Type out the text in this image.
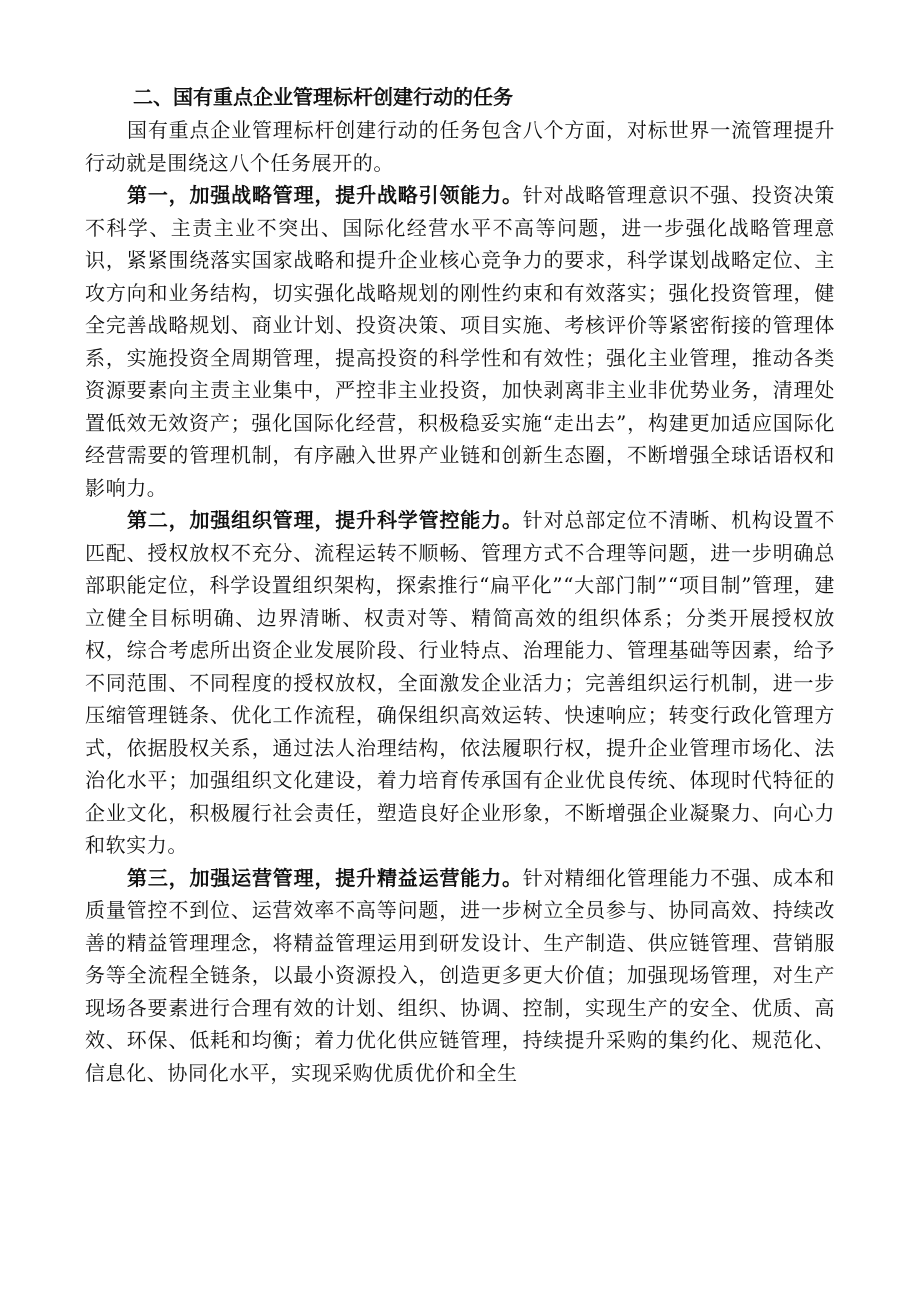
二、国有重点企业管理标杆创建行动的任务

国有重点企业管理标杆创建行动的任务包含八个方面，对标世界一流管理提升行动就是围绕这八个任务展开的。

第一，加强战略管理，提升战略引领能力。针对战略管理意识不强、投资决策不科学、主责主业不突出、国际化经营水平不高等问题，进一步强化战略管理意识，紧紧围绕落实国家战略和提升企业核心竞争力的要求，科学谋划战略定位、主攻方向和业务结构，切实强化战略规划的刚性约束和有效落实；强化投资管理，健全完善战略规划、商业计划、投资决策、项目实施、考核评价等紧密衔接的管理体系，实施投资全周期管理，提高投资的科学性和有效性；强化主业管理，推动各类资源要素向主责主业集中，严控非主业投资，加快剥离非主业非优势业务，清理处置低效无效资产；强化国际化经营，积极稳妥实施“走出去”，构建更加适应国际化经营需要的管理机制，有序融入世界产业链和创新生态圈，不断增强全球话语权和影响力。

第二，加强组织管理，提升科学管控能力。针对总部定位不清晰、机构设置不匹配、授权放权不充分、流程运转不顺畅、管理方式不合理等问题，进一步明确总部职能定位，科学设置组织架构，探索推行“扁平化”“大部门制”“项目制”管理，建立健全目标明确、边界清晰、权责对等、精简高效的组织体系；分类开展授权放权，综合考虑所出资企业发展阶段、行业特点、治理能力、管理基础等因素，给予不同范围、不同程度的授权放权，全面激发企业活力；完善组织运行机制，进一步压缩管理链条、优化工作流程，确保组织高效运转、快速响应；转变行政化管理方式，依据股权关系，通过法人治理结构，依法履职行权，提升企业管理市场化、法治化水平；加强组织文化建设，着力培育传承国有企业优良传统、体现时代特征的企业文化，积极履行社会责任，塑造良好企业形象，不断增强企业凝聚力、向心力和软实力。

第三，加强运营管理，提升精益运营能力。针对精细化管理能力不强、成本和质量管控不到位、运营效率不高等问题，进一步树立全员参与、协同高效、持续改善的精益管理理念，将精益管理运用到研发设计、生产制造、供应链管理、营销服务等全流程全链条，以最小资源投入，创造更多更大价值；加强现场管理，对生产现场各要素进行合理有效的计划、组织、协调、控制，实现生产的安全、优质、高效、环保、低耗和均衡；着力优化供应链管理，持续提升采购的集约化、规范化、信息化、协同化水平，实现采购优质优价和全生
